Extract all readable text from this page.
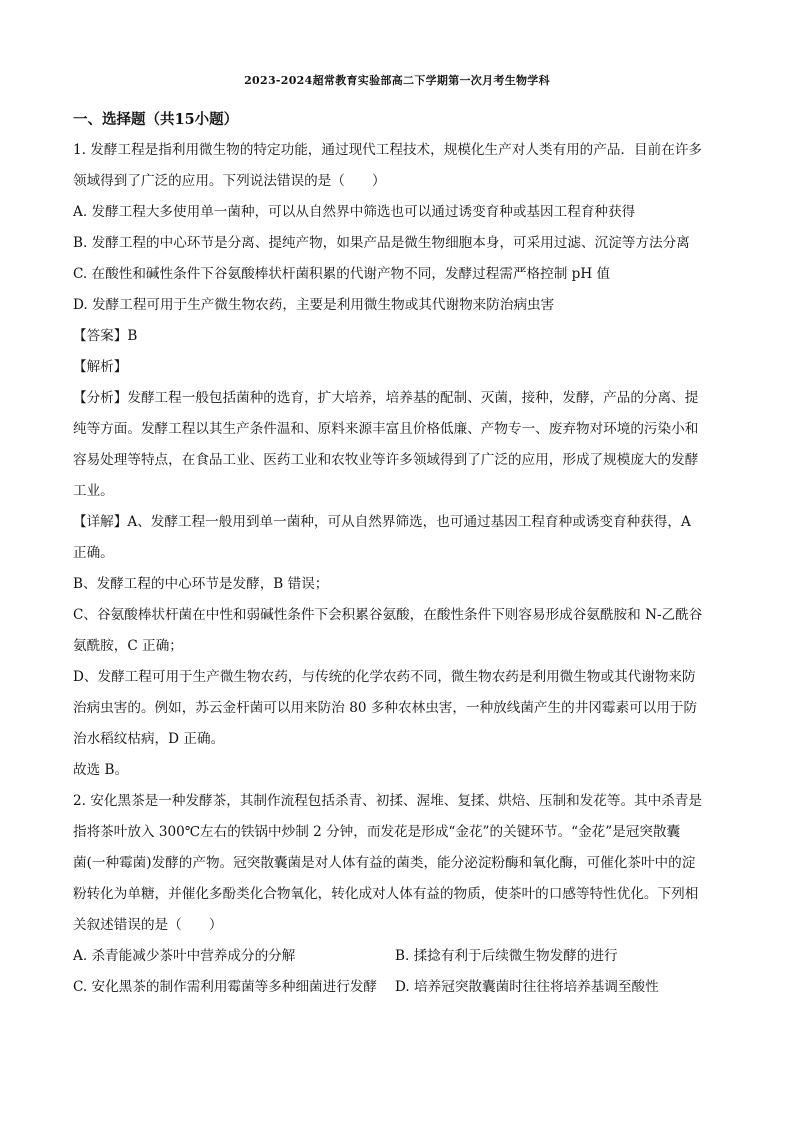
2023-2024超常教育实验部高二下学期第一次月考生物学科
一、选择题（共15小题）
1. 发酵工程是指利用微生物的特定功能，通过现代工程技术，规模化生产对人类有用的产品．目前在许多
领域得到了广泛的应用。下列说法错误的是（　　）
A. 发酵工程大多使用单一菌种，可以从自然界中筛选也可以通过诱变育种或基因工程育种获得
B. 发酵工程的中心环节是分离、提纯产物，如果产品是微生物细胞本身，可采用过滤、沉淀等方法分离
C. 在酸性和碱性条件下谷氨酸棒状杆菌积累的代谢产物不同，发酵过程需严格控制 pH 值
D. 发酵工程可用于生产微生物农药，主要是利用微生物或其代谢物来防治病虫害
【答案】B
【解析】
【分析】发酵工程一般包括菌种的选育，扩大培养，培养基的配制、灭菌，接种，发酵，产品的分离、提
纯等方面。发酵工程以其生产条件温和、原料来源丰富且价格低廉、产物专一、废弃物对环境的污染小和
容易处理等特点，在食品工业、医药工业和农牧业等许多领域得到了广泛的应用，形成了规模庞大的发酵
工业。
【详解】A、发酵工程一般用到单一菌种，可从自然界筛选，也可通过基因工程育种或诱变育种获得，A
正确。
B、发酵工程的中心环节是发酵，B 错误；
C、谷氨酸棒状杆菌在中性和弱碱性条件下会积累谷氨酸，在酸性条件下则容易形成谷氨酰胺和 N-乙酰谷
氨酰胺，C 正确；
D、发酵工程可用于生产微生物农药，与传统的化学农药不同，微生物农药是利用微生物或其代谢物来防
治病虫害的。例如，苏云金杆菌可以用来防治 80 多种农林虫害，一种放线菌产生的井冈霉素可以用于防
治水稻纹枯病，D 正确。
故选 B。
2. 安化黑茶是一种发酵茶，其制作流程包括杀青、初揉、渥堆、复揉、烘焙、压制和发花等。其中杀青是
指将茶叶放入 300℃左右的铁锅中炒制 2 分钟，而发花是形成“金花”的关键环节。“金花”是冠突散囊
菌(一种霉菌)发酵的产物。冠突散囊菌是对人体有益的菌类，能分泌淀粉酶和氧化酶，可催化茶叶中的淀
粉转化为单糖，并催化多酚类化合物氧化，转化成对人体有益的物质，使茶叶的口感等特性优化。下列相
关叙述错误的是（　　）
A. 杀青能减少茶叶中营养成分的分解	B. 揉捻有利于后续微生物发酵的进行
C. 安化黑茶的制作需利用霉菌等多种细菌进行发酵 D. 培养冠突散囊菌时往往将培养基调至酸性
